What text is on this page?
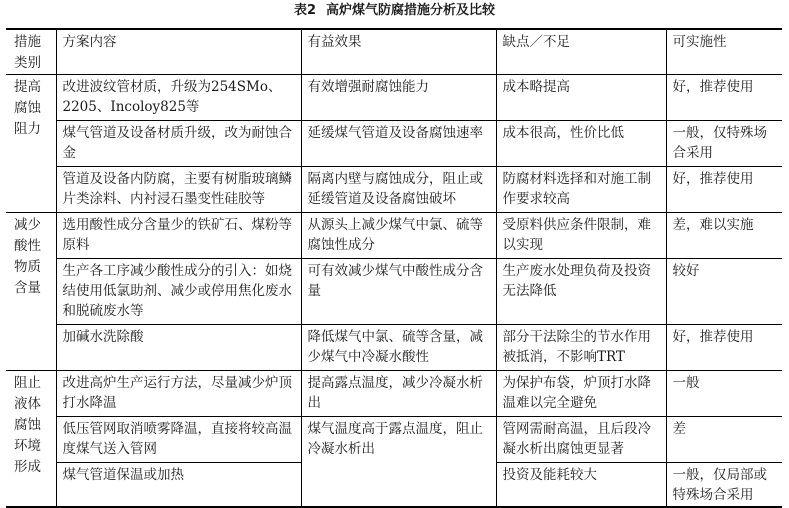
表2 高炉煤气防腐措施分析及比较
措施
类别	方案内容	有益效果	缺点／不足	可实施性
提高
腐蚀
阻力	改进波纹管材质，升级为254SMo、2205、Incoloy825等	有效增强耐腐蚀能力	成本略提高	好，推荐使用
	煤气管道及设备材质升级，改为耐蚀合金	延缓煤气管道及设备腐蚀速率	成本很高，性价比低	一般，仅特殊场合采用
	管道及设备内防腐，主要有树脂玻璃鳞片类涂料、内衬浸石墨变性硅胶等	隔离内壁与腐蚀成分，阻止或延缓管道及设备腐蚀破坏	防腐材料选择和对施工制作要求较高	好，推荐使用
减少
酸性
物质
含量	选用酸性成分含量少的铁矿石、煤粉等原料	从源头上减少煤气中氯、硫等腐蚀性成分	受原料供应条件限制，难以实现	差，难以实施
	生产各工序减少酸性成分的引入：如烧结使用低氯助剂、减少或停用焦化废水和脱硫废水等	可有效减少煤气中酸性成分含量	生产废水处理负荷及投资无法降低	较好
	加碱水洗除酸	降低煤气中氯、硫等含量，减少煤气中冷凝水酸性	部分干法除尘的节水作用被抵消，不影响TRT	好，推荐使用
阻止
液体
腐蚀
环境
形成	改进高炉生产运行方法，尽量减少炉顶打水降温	提高露点温度，减少冷凝水析出	为保护布袋，炉顶打水降温难以完全避免	一般
	低压管网取消喷雾降温，直接将较高温度煤气送入管网	煤气温度高于露点温度，阻止冷凝水析出	管网需耐高温，且后段冷凝水析出腐蚀更显著	差
	煤气管道保温或加热		投资及能耗较大	一般，仅局部或特殊场合采用
